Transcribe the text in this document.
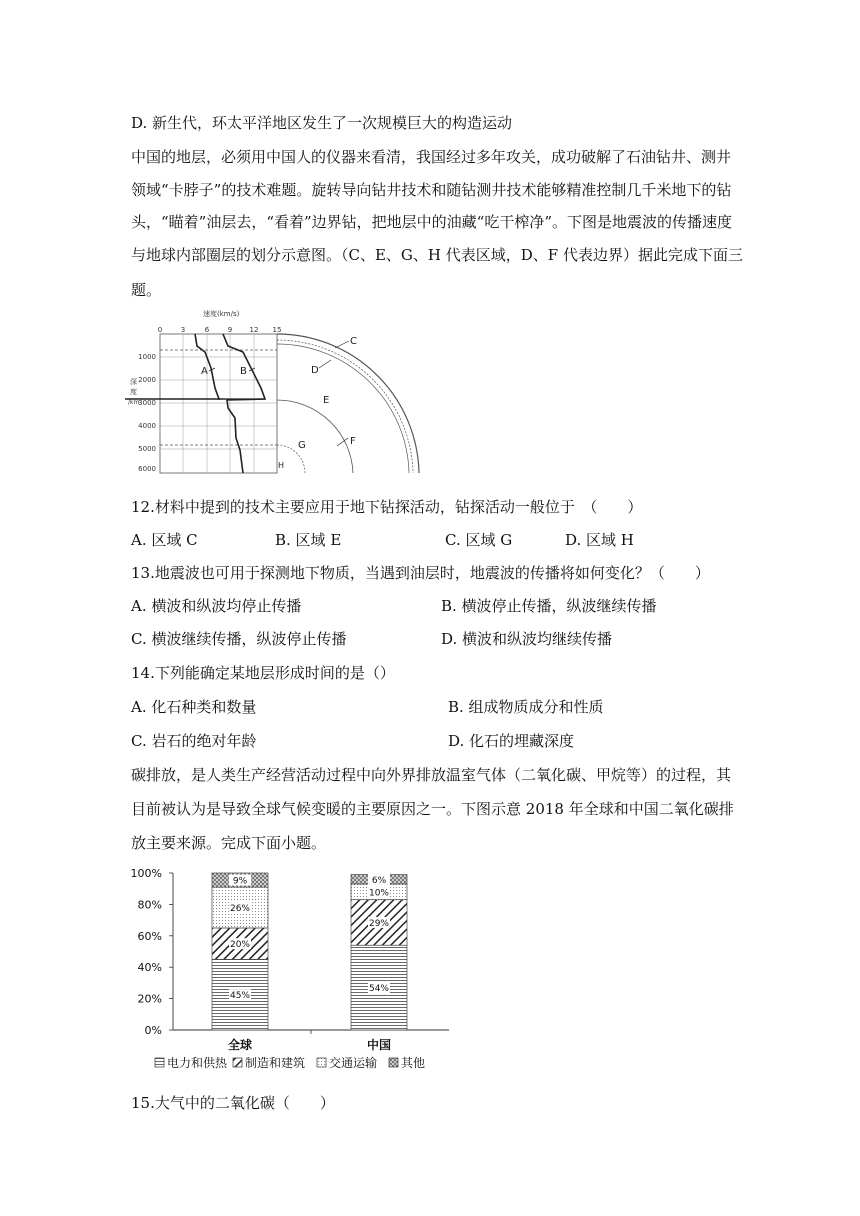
D. 新生代，环太平洋地区发生了一次规模巨大的构造运动
中国的地层，必须用中国人的仪器来看清，我国经过多年攻关，成功破解了石油钻井、测井
领域“卡脖子”的技术难题。旋转导向钻井技术和随钻测井技术能够精准控制几千米地下的钻
头，“瞄着”油层去，“看着”边界钻，把地层中的油藏“吃干榨净”。下图是地震波的传播速度
与地球内部圈层的划分示意图。（C、E、G、H 代表区域，D、F 代表边界）据此完成下面三
题。
速度(km/s)
0	3	6	9 12 15
1000
2000
3000
4000
5000
6000
深
度
/km
A	B
C
D
E
F
G
H
12.材料中提到的技术主要应用于地下钻探活动，钻探活动一般位于　（　　）
A. 区域 C	B. 区域 E	C. 区域 G	D. 区域 H
13.地震波也可用于探测地下物质，当遇到油层时，地震波的传播将如何变化？（　　）
A. 横波和纵波均停止传播	B. 横波停止传播，纵波继续传播
C. 横波继续传播，纵波停止传播	D. 横波和纵波均继续传播
14.下列能确定某地层形成时间的是（）
A. 化石种类和数量	B. 组成物质成分和性质
C. 岩石的绝对年龄	D. 化石的埋藏深度
碳排放，是人类生产经营活动过程中向外界排放温室气体（二氧化碳、甲烷等）的过程，其
目前被认为是导致全球气候变暖的主要原因之一。下图示意 2018 年全球和中国二氧化碳排
放主要来源。完成下面小题。
0%
20%
40%
60%
80%
100%
全球	中国
45%
20%
26%
9%
54%
29%
10%
6%
电力和供热 制造和建筑 交通运输 其他
15.大气中的二氧化碳（　　）
